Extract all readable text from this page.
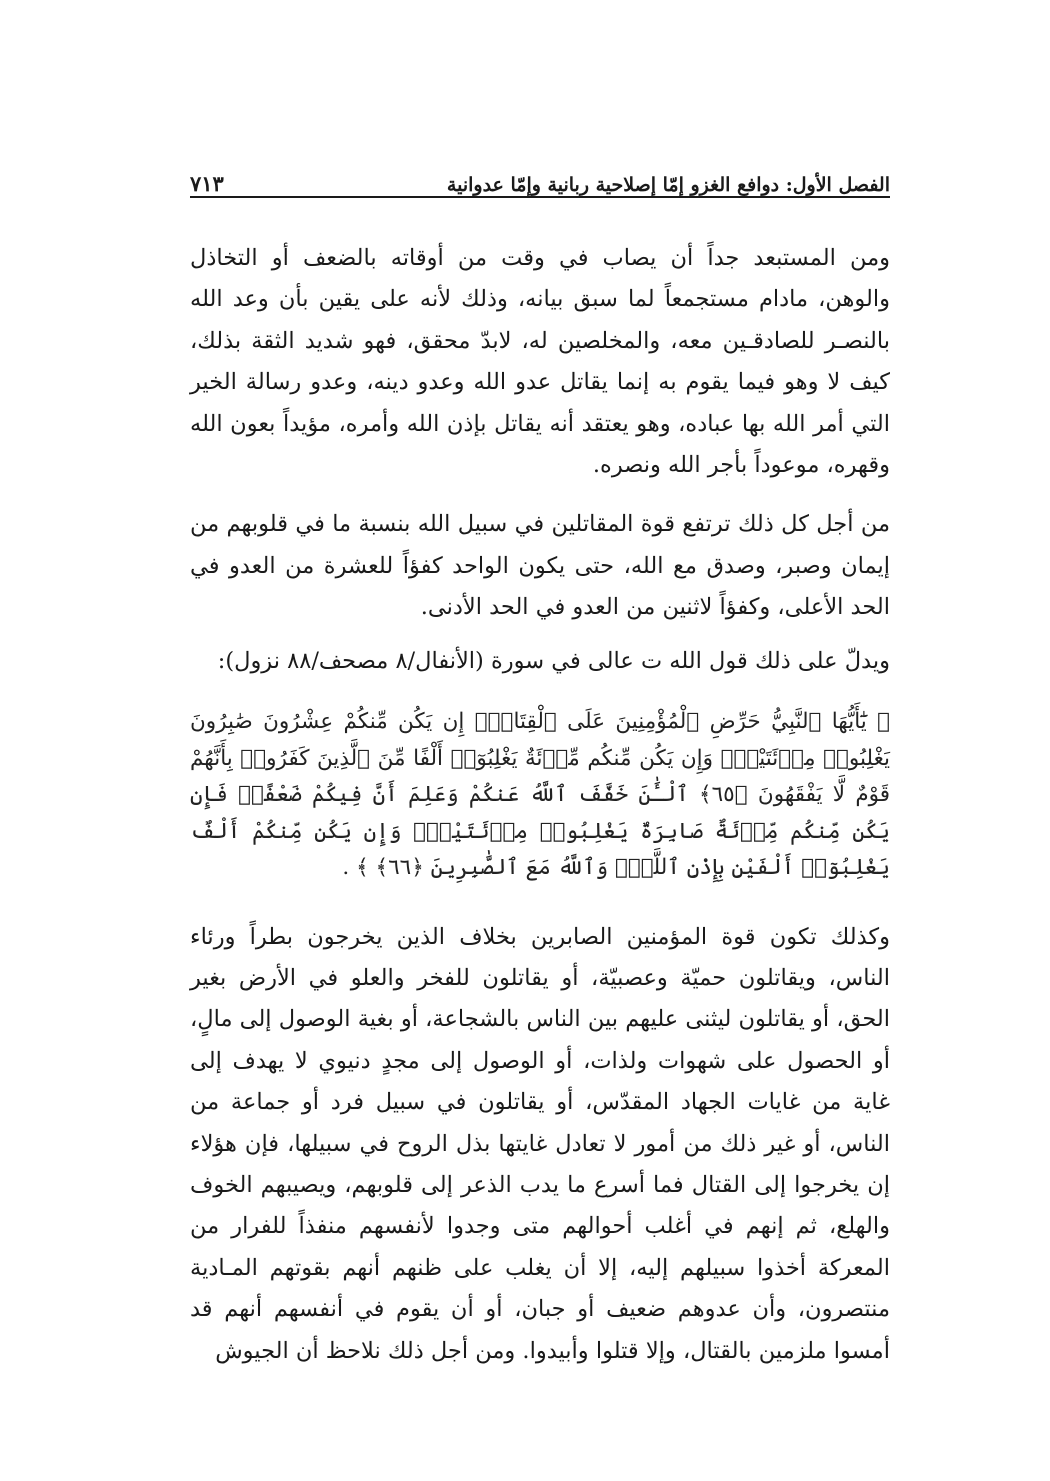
الفصل الأول: دوافع الغزو إمّا إصلاحية ربانية وإمّا عدوانية
٧١٣

ومن المستبعد جداً أن يصاب في وقت من أوقاته بالضعف أو التخاذل والوهن، مادام مستجمعاً لما سبق بيانه، وذلك لأنه على يقين بأن وعد الله بالنصـر للصادقـين معه، والمخلصين له، لابدّ محقق، فهو شديد الثقة بذلك، كيف لا وهو فيما يقوم به إنما يقاتل عدو الله وعدو دينه، وعدو رسالة الخير التي أمر الله بها عباده، وهو يعتقد أنه يقاتل بإذن الله وأمره، مؤيداً بعون الله وقهره، موعوداً بأجر الله ونصره.

من أجل كل ذلك ترتفع قوة المقاتلين في سبيل الله بنسبة ما في قلوبهم من إيمان وصبر، وصدق مع الله، حتى يكون الواحد كفؤاً للعشرة من العدو في الحد الأعلى، وكفؤاً لاثنين من العدو في الحد الأدنى.

ويدلّ على ذلك قول الله ت عالى في سورة (الأنفال/٨ مصحف/٨٨ نزول):

﴿ يَٰٓأَيُّهَا ٱلنَّبِيُّ حَرِّضِ ٱلْمُؤْمِنِينَ عَلَى ٱلْقِتَالِۚ إِن يَكُن مِّنكُمْ عِشْرُونَ صَٰبِرُونَ يَغْلِبُوا۟ مِا۟ئَتَيْنِۚ وَإِن يَكُن مِّنكُم مِّا۟ئَةٌ يَغْلِبُوٓا۟ أَلْفًا مِّنَ ٱلَّذِينَ كَفَرُوا۟ بِأَنَّهُمْ قَوْمٌ لَّا يَفْقَهُونَ ﴿٦٥﴾ ٱلْـَٰٔنَ خَفَّفَ ٱللَّهُ عَنكُمْ وَعَلِمَ أَنَّ فِيكُمْ ضَعْفًاۚ فَإِن يَكُن مِّنكُم مِّا۟ئَةٌ صَابِرَةٌ يَغْلِبُوا۟ مِا۟ئَتَيْنِۚ وَإِن يَكُن مِّنكُمْ أَلْفٌ يَغْلِبُوٓا۟ أَلْفَيْنِ بِإِذْنِ ٱللَّهِۗ وَٱللَّهُ مَعَ ٱلصَّٰبِرِينَ ﴿٦٦﴾ ﴾ .

وكذلك تكون قوة المؤمنين الصابرين بخلاف الذين يخرجون بطراً ورئاء الناس، ويقاتلون حميّة وعصبيّة، أو يقاتلون للفخر والعلو في الأرض بغير الحق، أو يقاتلون ليثنى عليهم بين الناس بالشجاعة، أو بغية الوصول إلى مالٍ، أو الحصول على شهوات ولذات، أو الوصول إلى مجدٍ دنيوي لا يهدف إلى غاية من غايات الجهاد المقدّس، أو يقاتلون في سبيل فرد أو جماعة من الناس، أو غير ذلك من أمور لا تعادل غايتها بذل الروح في سبيلها، فإن هؤلاء إن يخرجوا إلى القتال فما أسرع ما يدب الذعر إلى قلوبهم، ويصيبهم الخوف والهلع، ثم إنهم في أغلب أحوالهم متى وجدوا لأنفسهم منفذاً للفرار من المعركة أخذوا سبيلهم إليه، إلا أن يغلب على ظنهم أنهم بقوتهم المـادية منتصرون، وأن عدوهم ضعيف أو جبان، أو أن يقوم في أنفسهم أنهم قد أمسوا ملزمين بالقتال، وإلا قتلوا وأبيدوا. ومن أجل ذلك نلاحظ أن الجيوش
